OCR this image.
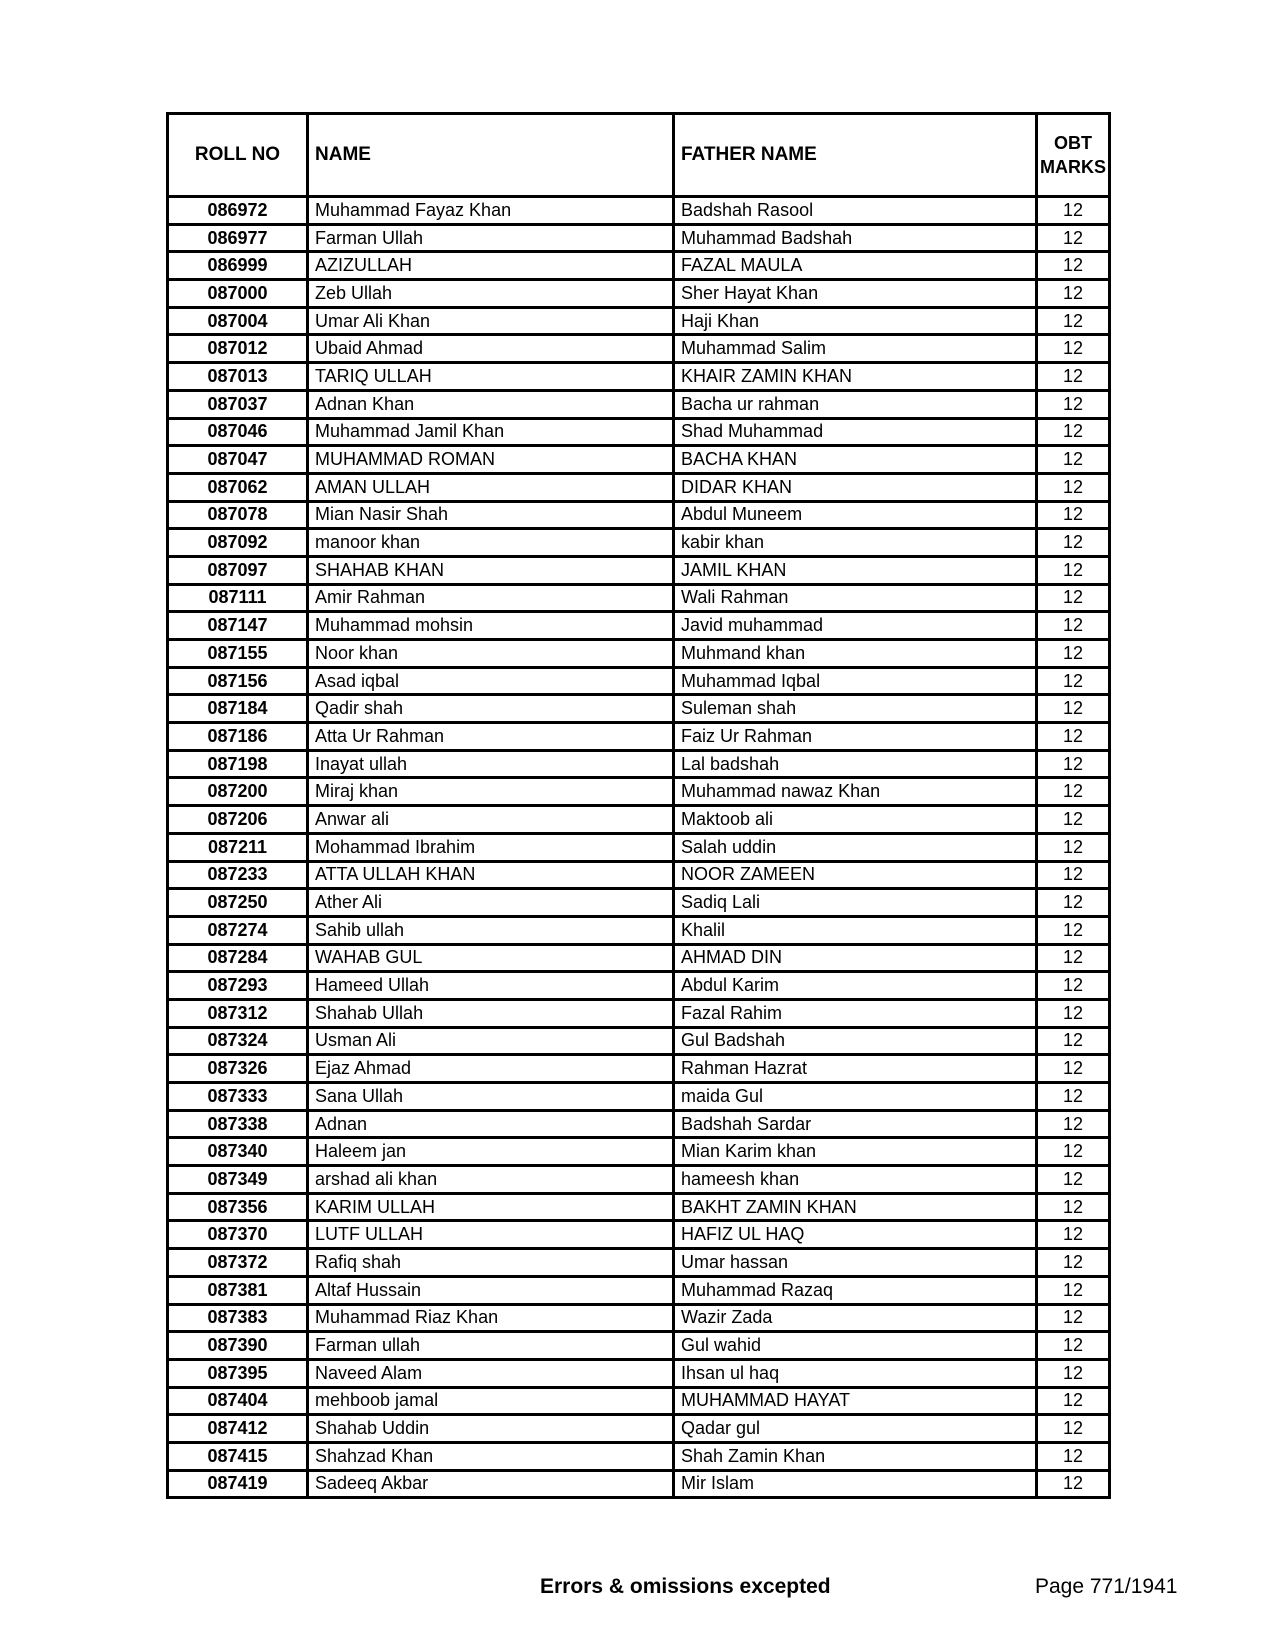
ROLL NO	NAME	FATHER NAME	OBT MARKS
086972	Muhammad Fayaz Khan	Badshah Rasool	12
086977	Farman Ullah	Muhammad Badshah	12
086999	AZIZULLAH	FAZAL MAULA	12
087000	Zeb Ullah	Sher Hayat Khan	12
087004	Umar Ali Khan	Haji Khan	12
087012	Ubaid Ahmad	Muhammad Salim	12
087013	TARIQ ULLAH	KHAIR ZAMIN KHAN	12
087037	Adnan Khan	Bacha ur rahman	12
087046	Muhammad Jamil Khan	Shad Muhammad	12
087047	MUHAMMAD ROMAN	BACHA KHAN	12
087062	AMAN ULLAH	DIDAR KHAN	12
087078	Mian Nasir Shah	Abdul Muneem	12
087092	manoor khan	kabir khan	12
087097	SHAHAB KHAN	JAMIL KHAN	12
087111	Amir Rahman	Wali Rahman	12
087147	Muhammad mohsin	Javid muhammad	12
087155	Noor khan	Muhmand khan	12
087156	Asad iqbal	Muhammad Iqbal	12
087184	Qadir shah	Suleman shah	12
087186	Atta Ur Rahman	Faiz Ur Rahman	12
087198	Inayat ullah	Lal badshah	12
087200	Miraj khan	Muhammad nawaz Khan	12
087206	Anwar ali	Maktoob ali	12
087211	Mohammad Ibrahim	Salah uddin	12
087233	ATTA ULLAH KHAN	NOOR ZAMEEN	12
087250	Ather Ali	Sadiq Lali	12
087274	Sahib ullah	Khalil	12
087284	WAHAB GUL	AHMAD DIN	12
087293	Hameed Ullah	Abdul Karim	12
087312	Shahab Ullah	Fazal Rahim	12
087324	Usman Ali	Gul Badshah	12
087326	Ejaz Ahmad	Rahman Hazrat	12
087333	Sana Ullah	maida Gul	12
087338	Adnan	Badshah Sardar	12
087340	Haleem jan	Mian Karim khan	12
087349	arshad ali khan	hameesh khan	12
087356	KARIM ULLAH	BAKHT ZAMIN KHAN	12
087370	LUTF ULLAH	HAFIZ UL HAQ	12
087372	Rafiq shah	Umar hassan	12
087381	Altaf Hussain	Muhammad Razaq	12
087383	Muhammad Riaz Khan	Wazir Zada	12
087390	Farman ullah	Gul wahid	12
087395	Naveed Alam	Ihsan ul haq	12
087404	mehboob jamal	MUHAMMAD HAYAT	12
087412	Shahab Uddin	Qadar gul	12
087415	Shahzad Khan	Shah Zamin Khan	12
087419	Sadeeq Akbar	Mir Islam	12
Errors & omissions excepted	Page 771/1941
